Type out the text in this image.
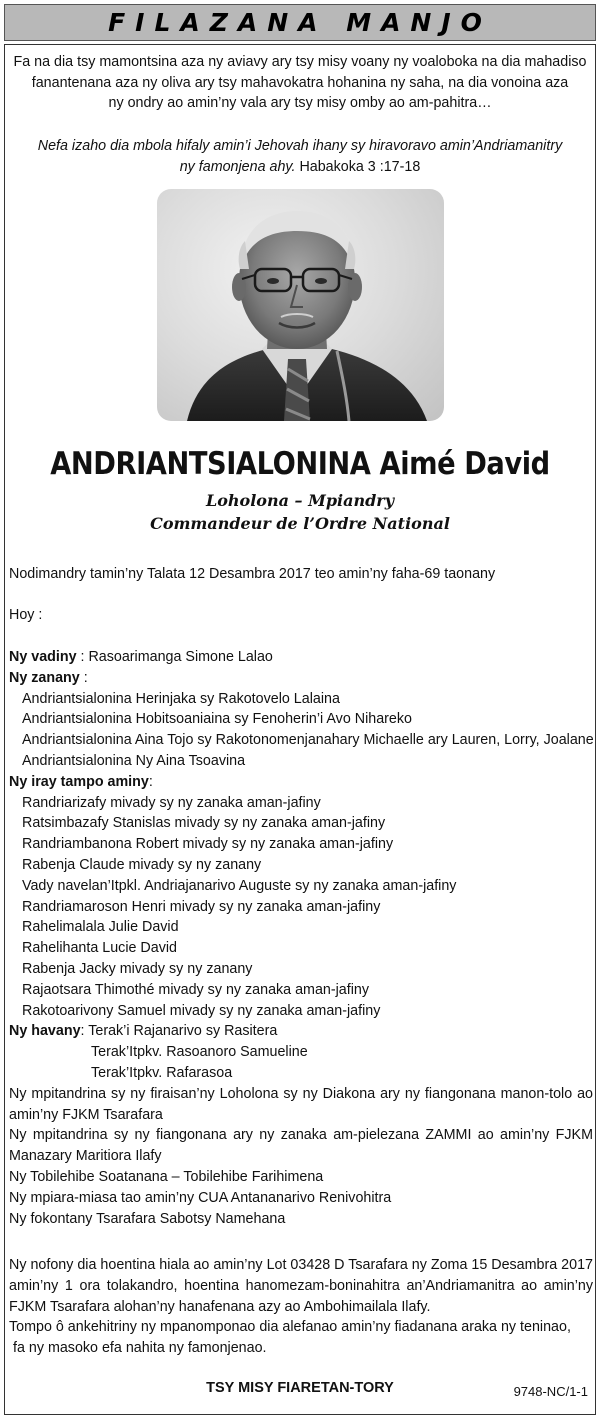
FILAZANA MANJO
Fa na dia tsy mamontsina aza ny aviavy ary tsy misy voany ny voaloboka na dia mahadiso
fanantenana aza ny oliva ary tsy mahavokatra hohanina ny saha, na dia vonoina aza
ny ondry ao amin’ny vala ary tsy misy omby ao am-pahitra…
Nefa izaho dia mbola hifaly amin’i Jehovah ihany sy hiravoravo amin’Andriamanitry
ny famonjena ahy. Habakoka 3 :17-18
ANDRIANTSIALONINA Aimé David
Loholona – Mpiandry
Commandeur de l’Ordre National
Nodimandry tamin’ny Talata 12 Desambra 2017 teo amin’ny faha-69 taonany
Hoy :
Ny vadiny : Rasoarimanga Simone Lalao
Ny zanany :
Andriantsialonina Herinjaka sy Rakotovelo Lalaina
Andriantsialonina Hobitsoaniaina sy Fenoherin’i Avo Nihareko
Andriantsialonina Aina Tojo sy Rakotonomenjanahary Michaelle ary Lauren, Lorry, Joalane
Andriantsialonina Ny Aina Tsoavina
Ny iray tampo aminy:
Randriarizafy mivady sy ny zanaka aman-jafiny
Ratsimbazafy Stanislas mivady sy ny zanaka aman-jafiny
Randriambanona Robert mivady sy ny zanaka aman-jafiny
Rabenja Claude mivady sy ny zanany
Vady navelan’Itpkl. Andriajanarivo Auguste sy ny zanaka aman-jafiny
Randriamaroson Henri mivady sy ny zanaka aman-jafiny
Rahelimalala Julie David
Rahelihanta Lucie David
Rabenja Jacky mivady sy ny zanany
Rajaotsara Thimothé mivady sy ny zanaka aman-jafiny
Rakotoarivony Samuel mivady sy ny zanaka aman-jafiny
Ny havany: Terak’i Rajanarivo sy Rasitera
Terak’Itpkv. Rasoanoro Samueline
Terak’Itpkv. Rafarasoa
Ny mpitandrina sy ny firaisan’ny Loholona sy ny Diakona ary ny fiangonana manon-tolo ao amin’ny FJKM Tsarafara
Ny mpitandrina sy ny fiangonana ary ny zanaka am-pielezana ZAMMI ao amin’ny FJKM Manazary Maritiora Ilafy
Ny Tobilehibe Soatanana – Tobilehibe Farihimena
Ny mpiara-miasa tao amin’ny CUA Antananarivo Renivohitra
Ny fokontany Tsarafara Sabotsy Namehana
Ny nofony dia hoentina hiala ao amin’ny Lot 03428 D Tsarafara ny Zoma 15 Desambra 2017 amin’ny 1 ora tolakandro, hoentina hanomezam-boninahitra an’Andriamanitra ao amin’ny FJKM Tsarafara alohan’ny hanafenana azy ao Ambohimailala Ilafy.
Tompo ô ankehitriny ny mpanomponao dia alefanao amin’ny fiadanana araka ny teninao,
fa ny masoko efa nahita ny famonjenao.
TSY MISY FIARETAN-TORY	9748-NC/1-1
